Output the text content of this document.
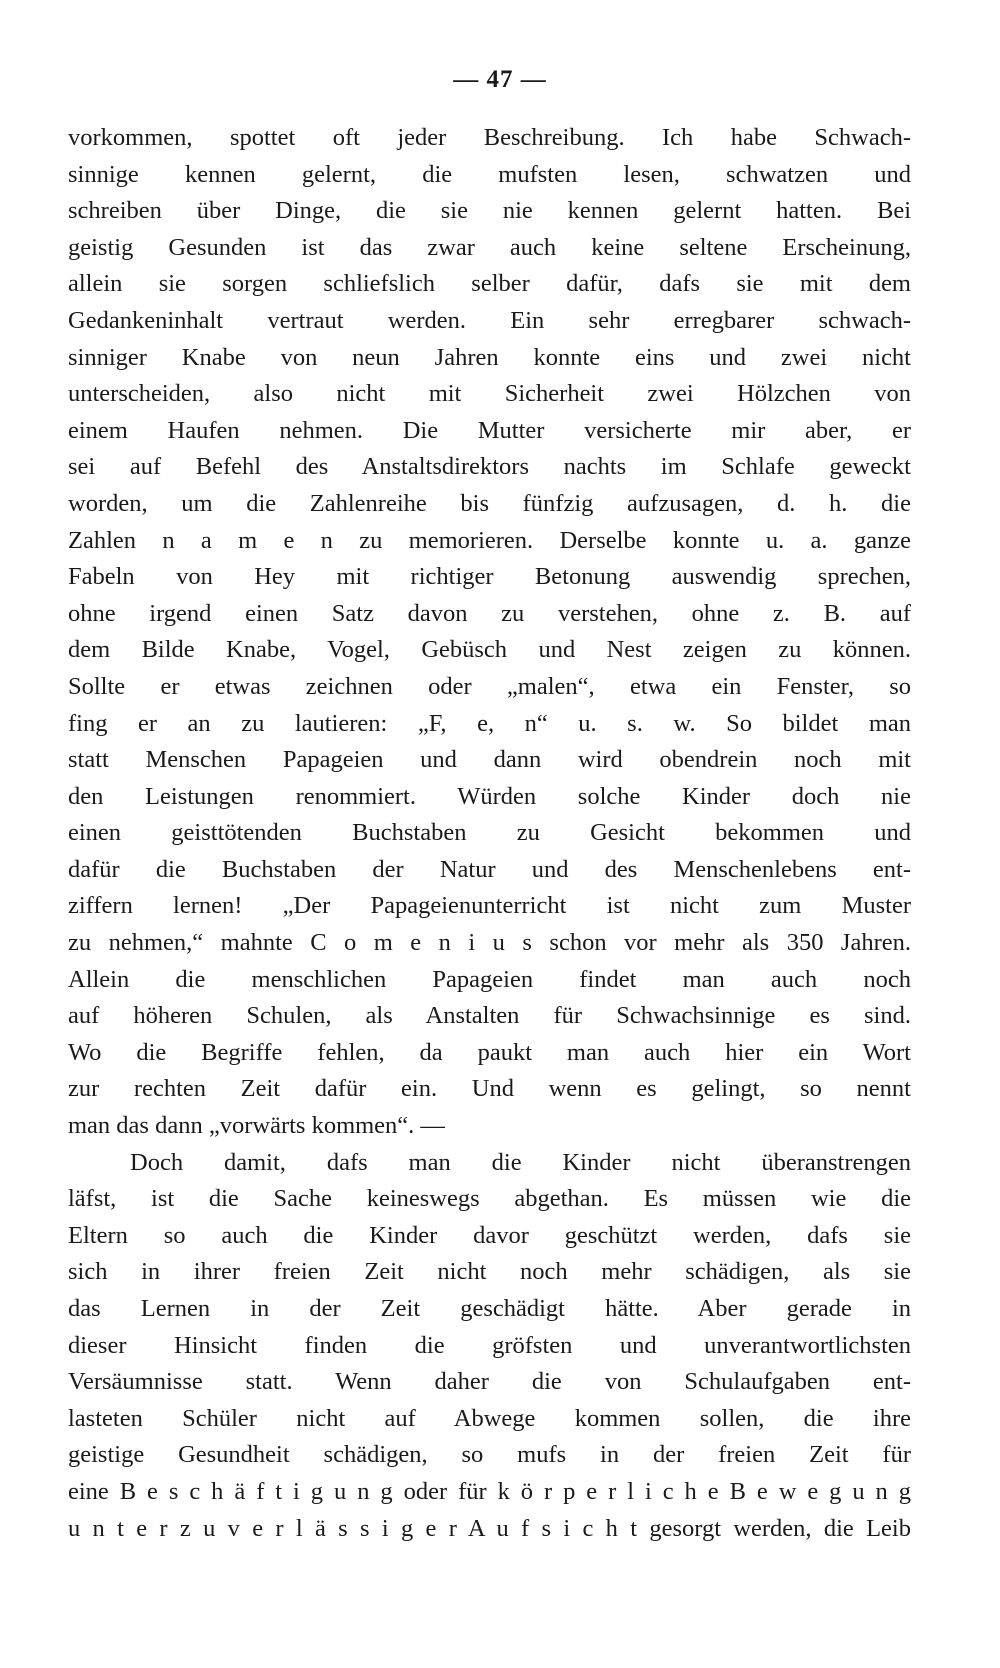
— 47 —
vorkommen, spottet oft jeder Beschreibung. Ich habe Schwach-
sinnige kennen gelernt, die mufsten lesen, schwatzen und
schreiben über Dinge, die sie nie kennen gelernt hatten. Bei
geistig Gesunden ist das zwar auch keine seltene Erscheinung,
allein sie sorgen schliefslich selber dafür, dafs sie mit dem
Gedankeninhalt vertraut werden. Ein sehr erregbarer schwach-
sinniger Knabe von neun Jahren konnte eins und zwei nicht
unterscheiden, also nicht mit Sicherheit zwei Hölzchen von
einem Haufen nehmen. Die Mutter versicherte mir aber, er
sei auf Befehl des Anstaltsdirektors nachts im Schlafe geweckt
worden, um die Zahlenreihe bis fünfzig aufzusagen, d. h. die
Zahlen n a m e n zu memorieren. Derselbe konnte u. a. ganze
Fabeln von Hey mit richtiger Betonung auswendig sprechen,
ohne irgend einen Satz davon zu verstehen, ohne z. B. auf
dem Bilde Knabe, Vogel, Gebüsch und Nest zeigen zu können.
Sollte er etwas zeichnen oder „malen“, etwa ein Fenster, so
fing er an zu lautieren: „F, e, n“ u. s. w. So bildet man
statt Menschen Papageien und dann wird obendrein noch mit
den Leistungen renommiert. Würden solche Kinder doch nie
einen geisttötenden Buchstaben zu Gesicht bekommen und
dafür die Buchstaben der Natur und des Menschenlebens ent-
ziffern lernen! „Der Papageienunterricht ist nicht zum Muster
zu nehmen,“ mahnte C o m e n i u s schon vor mehr als 350 Jahren.
Allein die menschlichen Papageien findet man auch noch
auf höheren Schulen, als Anstalten für Schwachsinnige es sind.
Wo die Begriffe fehlen, da paukt man auch hier ein Wort
zur rechten Zeit dafür ein. Und wenn es gelingt, so nennt
man das dann „vorwärts kommen“. —
Doch damit, dafs man die Kinder nicht überanstrengen
läfst, ist die Sache keineswegs abgethan. Es müssen wie die
Eltern so auch die Kinder davor geschützt werden, dafs sie
sich in ihrer freien Zeit nicht noch mehr schädigen, als sie
das Lernen in der Zeit geschädigt hätte. Aber gerade in
dieser Hinsicht finden die gröfsten und unverantwortlichsten
Versäumnisse statt. Wenn daher die von Schulaufgaben ent-
lasteten Schüler nicht auf Abwege kommen sollen, die ihre
geistige Gesundheit schädigen, so mufs in der freien Zeit für
eine B e s c h ä f t i g u n g oder für k ö r p e r l i c h e B e w e g u n g
u n t e r z u v e r l ä s s i g e r A u f s i c h t gesorgt werden, die Leib
